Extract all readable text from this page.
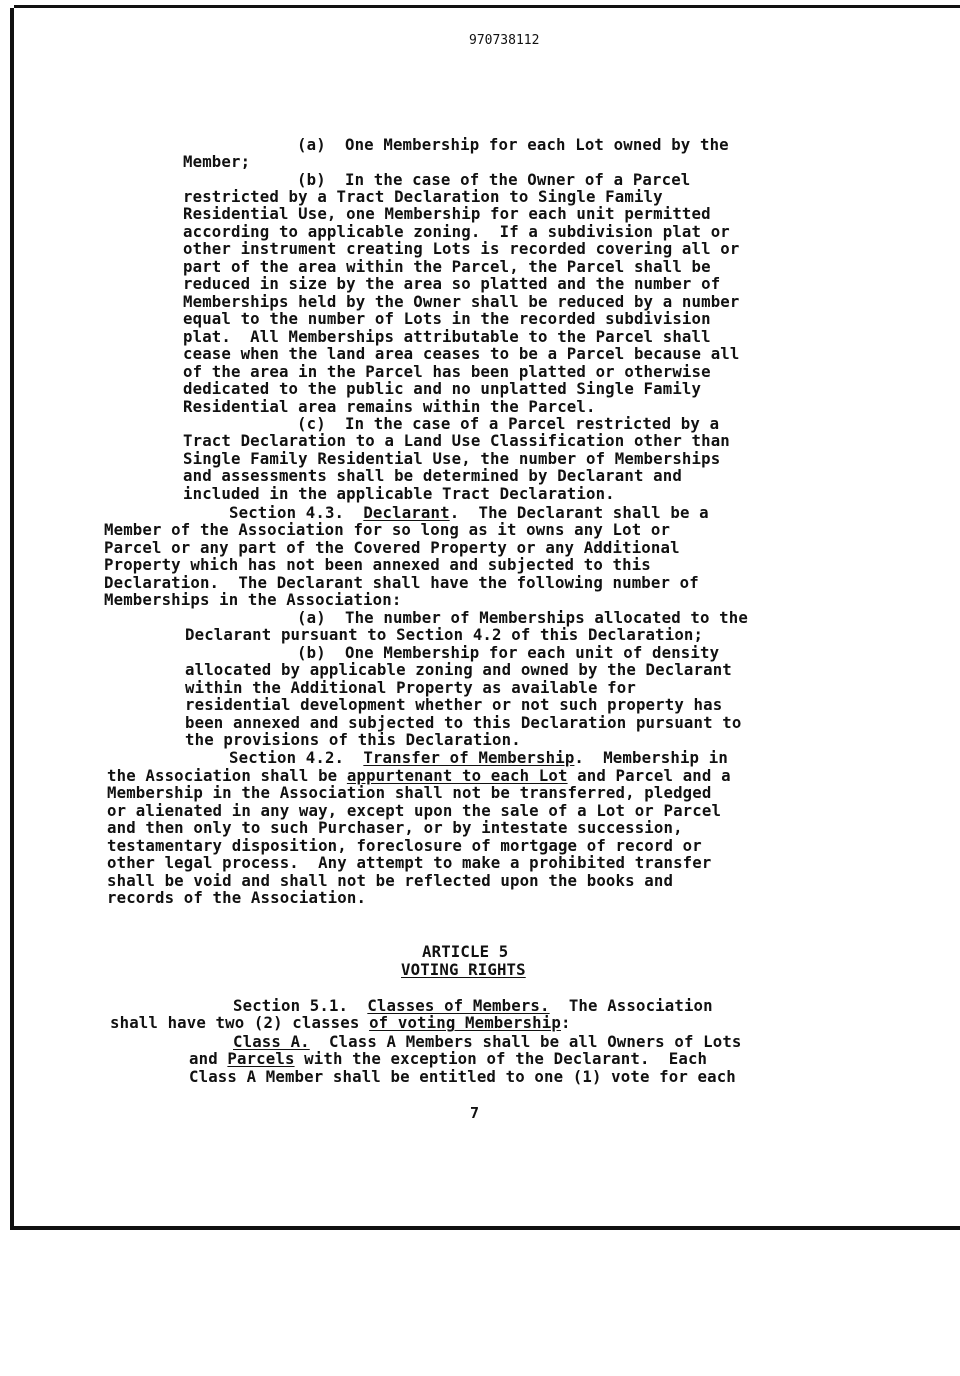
970738112
(a)  One Membership for each Lot owned by the
Member;
(b)  In the case of the Owner of a Parcel
restricted by a Tract Declaration to Single Family
Residential Use, one Membership for each unit permitted
according to applicable zoning.  If a subdivision plat or
other instrument creating Lots is recorded covering all or
part of the area within the Parcel, the Parcel shall be
reduced in size by the area so platted and the number of
Memberships held by the Owner shall be reduced by a number
equal to the number of Lots in the recorded subdivision
plat.  All Memberships attributable to the Parcel shall
cease when the land area ceases to be a Parcel because all
of the area in the Parcel has been platted or otherwise
dedicated to the public and no unplatted Single Family
Residential area remains within the Parcel.
(c)  In the case of a Parcel restricted by a
Tract Declaration to a Land Use Classification other than
Single Family Residential Use, the number of Memberships
and assessments shall be determined by Declarant and
included in the applicable Tract Declaration.
Section 4.3.  Declarant.  The Declarant shall be a
Member of the Association for so long as it owns any Lot or
Parcel or any part of the Covered Property or any Additional
Property which has not been annexed and subjected to this
Declaration.  The Declarant shall have the following number of
Memberships in the Association:
(a)  The number of Memberships allocated to the
Declarant pursuant to Section 4.2 of this Declaration;
(b)  One Membership for each unit of density
allocated by applicable zoning and owned by the Declarant
within the Additional Property as available for
residential development whether or not such property has
been annexed and subjected to this Declaration pursuant to
the provisions of this Declaration.
Section 4.2.  Transfer of Membership.  Membership in
the Association shall be appurtenant to each Lot and Parcel and a
Membership in the Association shall not be transferred, pledged
or alienated in any way, except upon the sale of a Lot or Parcel
and then only to such Purchaser, or by intestate succession,
testamentary disposition, foreclosure of mortgage of record or
other legal process.  Any attempt to make a prohibited transfer
shall be void and shall not be reflected upon the books and
records of the Association.
ARTICLE 5
VOTING RIGHTS
Section 5.1.  Classes of Members.  The Association
shall have two (2) classes of voting Membership:
Class A.  Class A Members shall be all Owners of Lots
and Parcels with the exception of the Declarant.  Each
Class A Member shall be entitled to one (1) vote for each
7
